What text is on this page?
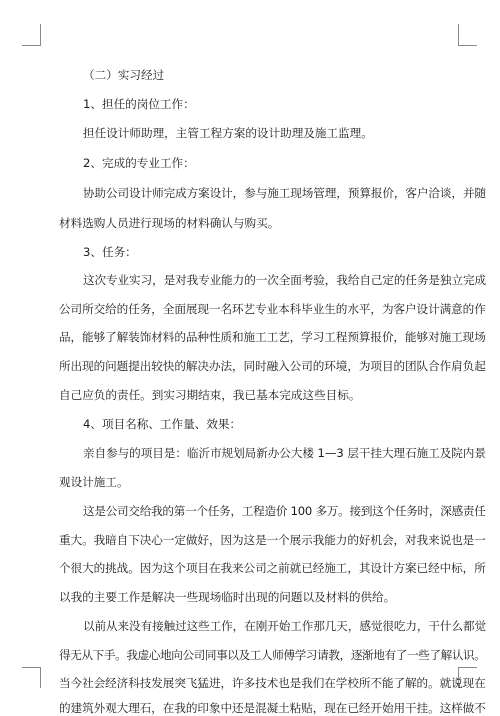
（二）实习经过
1、担任的岗位工作：
担任设计师助理，主管工程方案的设计助理及施工监理。
2、完成的专业工作：
协助公司设计师完成方案设计，参与施工现场管理，预算报价，客户洽谈，并随
材料选购人员进行现场的材料确认与购买。
3、任务：
这次专业实习，是对我专业能力的一次全面考验，我给自己定的任务是独立完成
公司所交给的任务，全面展现一名环艺专业本科毕业生的水平，为客户设计满意的作
品，能够了解装饰材料的品种性质和施工工艺，学习工程预算报价，能够对施工现场
所出现的问题提出较快的解决办法，同时融入公司的环境，为项目的团队合作肩负起
自己应负的责任。到实习期结束，我已基本完成这些目标。
4、项目名称、工作量、效果：
亲自参与的项目是：临沂市规划局新办公大楼 1—3 层干挂大理石施工及院内景
观设计施工。
这是公司交给我的第一个任务，工程造价 100 多万。接到这个任务时，深感责任
重大。我暗自下决心一定做好，因为这是一个展示我能力的好机会，对我来说也是一
个很大的挑战。因为这个项目在我来公司之前就已经施工，其设计方案已经中标，所
以我的主要工作是解决一些现场临时出现的问题以及材料的供给。
以前从来没有接触过这些工作，在刚开始工作那几天，感觉很吃力，干什么都觉
得无从下手。我虚心地向公司同事以及工人师傅学习请教，逐渐地有了一些了解认识。
当今社会经济科技发展突飞猛进，许多技术也是我们在学校所不能了解的。就说现在
的建筑外观大理石，在我的印象中还是混凝土粘贴，现在已经开始用干挂。这样做不
